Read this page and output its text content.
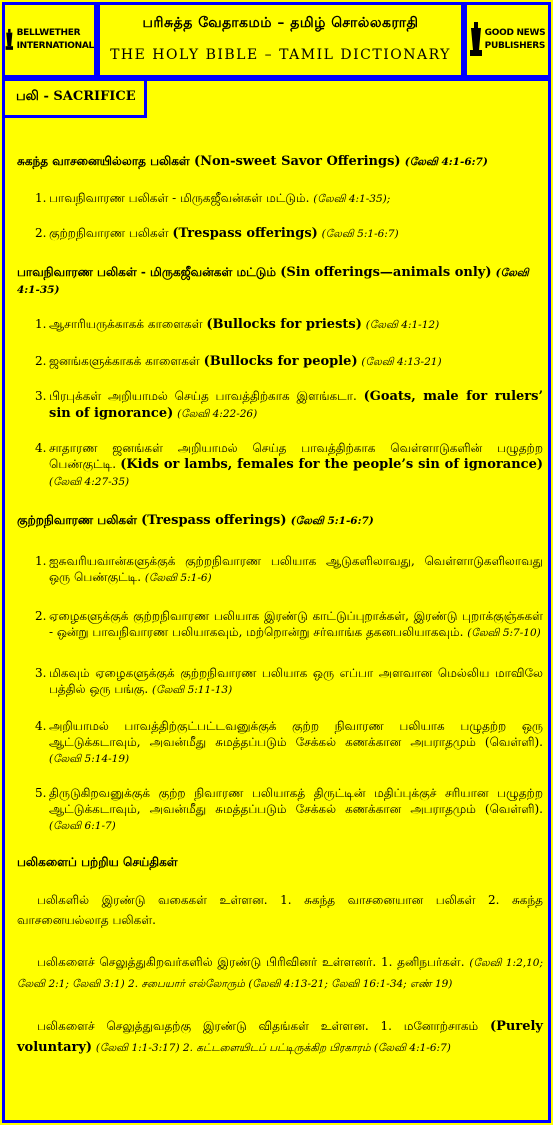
BELLWETHER
INTERNATIONAL
பரிசுத்த வேதாகமம் – தமிழ் சொல்லகராதி
THE HOLY BIBLE – TAMIL DICTIONARY
GOOD NEWS
PUBLISHERS
சுகந்த வாசனையில்லாத பலிகள் (Non-sweet Savor Offerings) (லேவி 4:1-6:7)
1. பாவநிவாரண பலிகள் - மிருகஜீவன்கள் மட்டும். (லேவி 4:1-35);
2. குற்றநிவாரண பலிகள் (Trespass offerings) (லேவி 5:1-6:7)
பாவநிவாரண பலிகள் - மிருகஜீவன்கள் மட்டும் (Sin offerings—animals only) (லேவி 4:1-35)
1. ஆசாரியருக்காகக் காளைகள் (Bullocks for priests) (லேவி 4:1-12)
2. ஜனங்களுக்காகக் காளைகள் (Bullocks for people) (லேவி 4:13-21)
3. பிரபுக்கள் அறியாமல் செய்த பாவத்திற்காக இளங்கடா. (Goats, male for rulers’ sin of ignorance) (லேவி 4:22-26)
4. சாதாரண ஜனங்கள் அறியாமல் செய்த பாவத்திற்காக வெள்ளாடுகளின் பழுதற்ற பெண்குட்டி. (Kids or lambs, females for the people’s sin of ignorance) (லேவி 4:27-35)
குற்றநிவாரண பலிகள் (Trespass offerings) (லேவி 5:1-6:7)
1. ஐசுவரியவான்களுக்குக் குற்றநிவாரண பலியாக ஆடுகளிலாவது, வெள்ளாடுகளிலாவது ஒரு பெண்குட்டி. (லேவி 5:1-6)
2. ஏழைகளுக்குக் குற்றநிவாரண பலியாக இரண்டு காட்டுப்புறாக்கள், இரண்டு புறாக்குஞ்சுகள் - ஒன்று பாவநிவாரண பலியாகவும், மற்றொன்று சர்வாங்க தகனபலியாகவும். (லேவி 5:7-10)
3. மிகவும் ஏழைகளுக்குக் குற்றநிவாரண பலியாக ஒரு எப்பா அளவான மெல்லிய மாவிலே பத்தில் ஒரு பங்கு. (லேவி 5:11-13)
4. அறியாமல் பாவத்திற்குட்பட்டவனுக்குக் குற்ற நிவாரண பலியாக பழுதற்ற ஒரு ஆட்டுக்கடாவும், அவன்மீது சுமத்தப்படும் சேக்கல் கணக்கான அபராதமும் (வெள்ளி). (லேவி 5:14-19)
5. திருடுகிறவனுக்குக் குற்ற நிவாரண பலியாகத் திருட்டின் மதிப்புக்குச் சரியான பழுதற்ற ஆட்டுக்கடாவும், அவன்மீது சுமத்தப்படும் சேக்கல் கணக்கான அபராதமும் (வெள்ளி). (லேவி 6:1-7)
பலிகளைப் பற்றிய செய்திகள்

பலிகளில் இரண்டு வகைகள் உள்ளன. 1. சுகந்த வாசனையான பலிகள் 2. சுகந்த வாசனையல்லாத பலிகள்.

பலிகளைச் செலுத்துகிறவர்களில் இரண்டு பிரிவினர் உள்ளனர். 1. தனிநபர்கள். (லேவி 1:2,10; லேவி 2:1; லேவி 3:1) 2. சபையார் எல்லோரும் (லேவி 4:13-21; லேவி 16:1-34; எண் 19)

பலிகளைச் செலுத்துவதற்கு இரண்டு விதங்கள் உள்ளன. 1. மனோற்சாகம் (Purely voluntary) (லேவி 1:1-3:17) 2. கட்டளையிடப் பட்டிருக்கிற பிரகாரம் (லேவி 4:1-6:7)

பலி - SACRIFICE
